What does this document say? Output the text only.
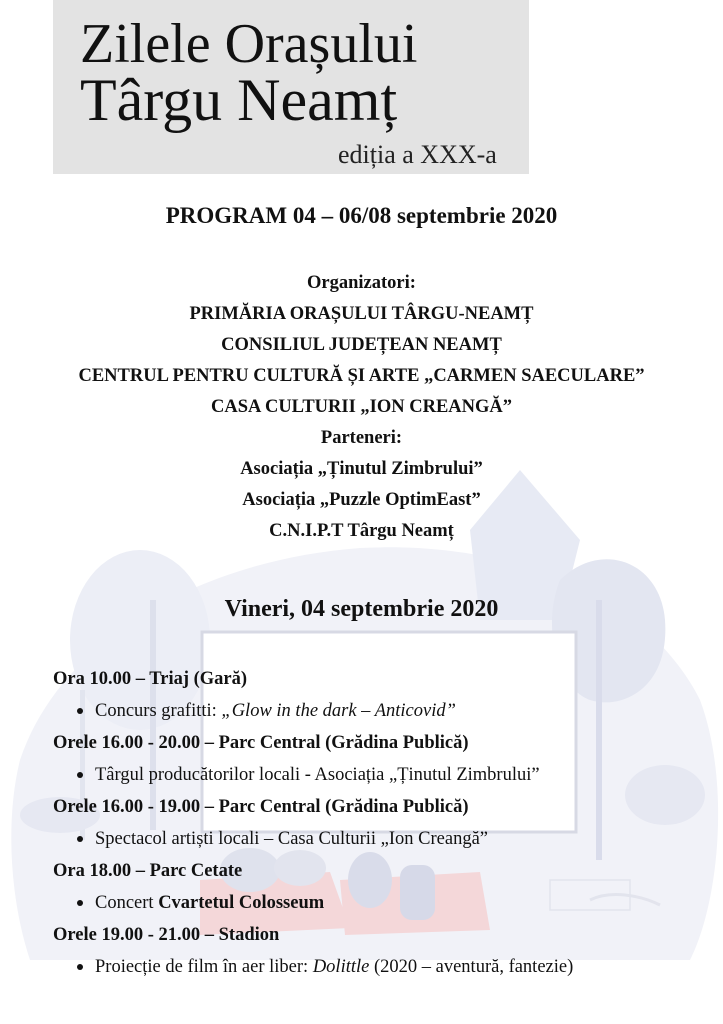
Zilele Orașului
Târgu Neamț
ediția a XXX-a
PROGRAM 04 – 06/08 septembrie 2020
Organizatori:
PRIMĂRIA ORAȘULUI TÂRGU-NEAMȚ
CONSILIUL JUDEȚEAN NEAMȚ
CENTRUL PENTRU CULTURĂ ȘI ARTE „CARMEN SAECULARE”
CASA CULTURII „ION CREANGĂ”
Parteneri:
Asociația „Ținutul Zimbrului”
Asociația „Puzzle OptimEast”
C.N.I.P.T Târgu Neamț
Vineri, 04 septembrie 2020
Ora 10.00 – Triaj (Gară)
Concurs grafitti: „Glow in the dark – Anticovid”
Orele 16.00 - 20.00 – Parc Central (Grădina Publică)
Târgul producătorilor locali - Asociația „Ținutul Zimbrului”
Orele 16.00 - 19.00 – Parc Central (Grădina Publică)
Spectacol artiști locali – Casa Culturii „Ion Creangă”
Ora 18.00 – Parc Cetate
Concert Cvartetul Colosseum
Orele 19.00 - 21.00 – Stadion
Proiecție de film în aer liber: Dolittle (2020 – aventură, fantezie)
